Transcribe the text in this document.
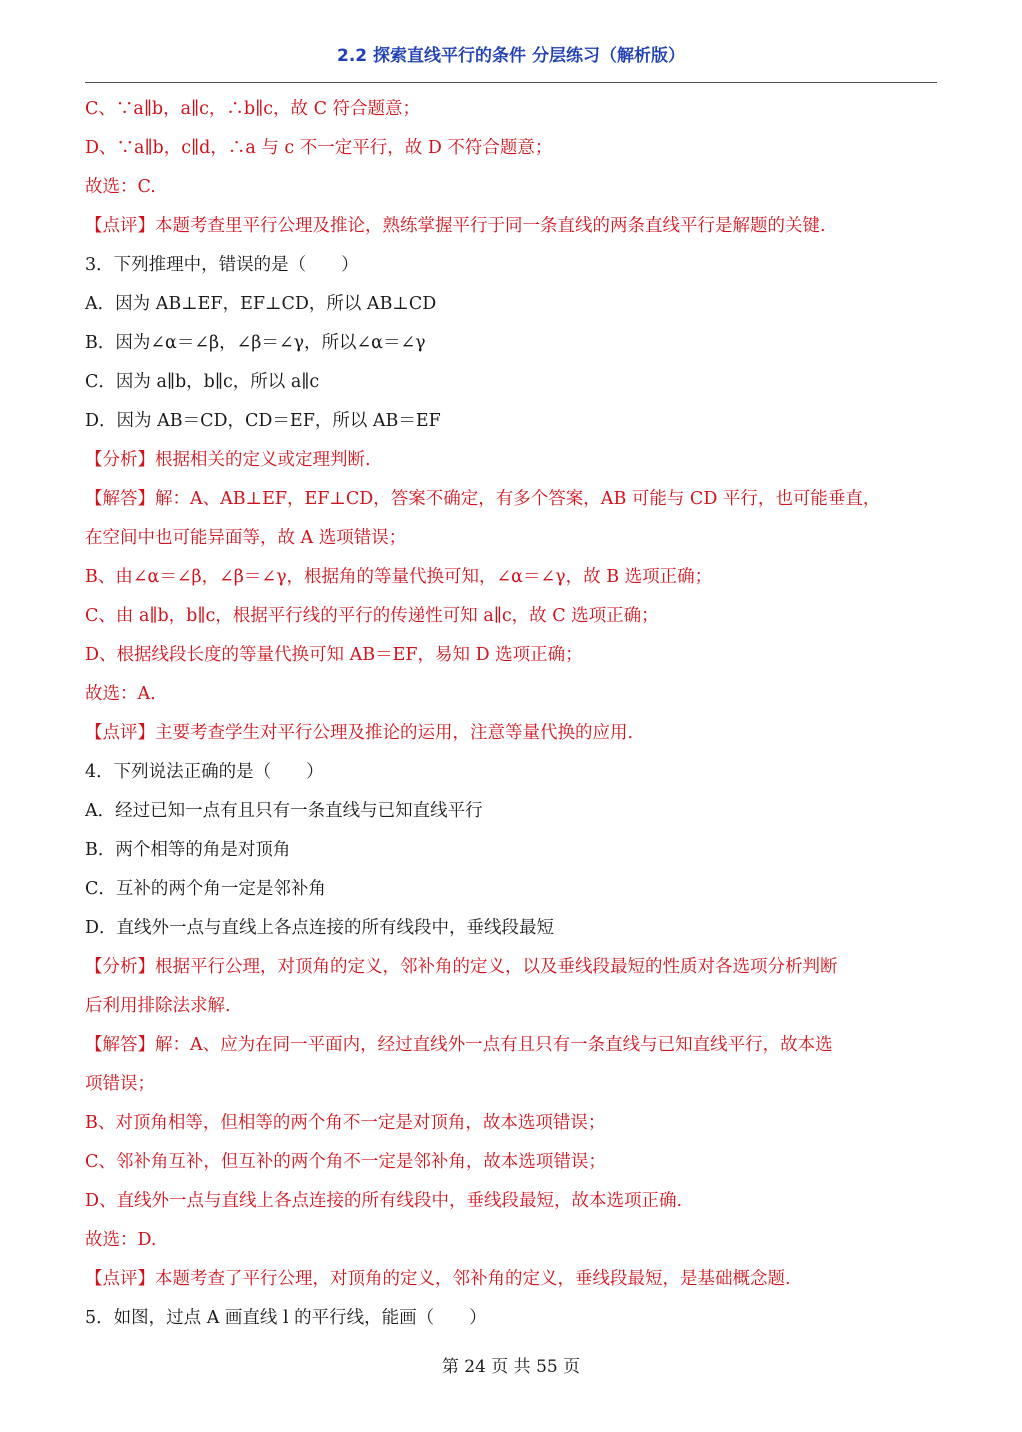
2.2 探索直线平行的条件 分层练习（解析版）
C、∵a∥b，a∥c，∴b∥c，故 C 符合题意；
D、∵a∥b，c∥d，∴a 与 c 不一定平行，故 D 不符合题意；
故选：C.
【点评】本题考查里平行公理及推论，熟练掌握平行于同一条直线的两条直线平行是解题的关键.
3．下列推理中，错误的是（　　）
A．因为 AB⊥EF，EF⊥CD，所以 AB⊥CD
B．因为∠α＝∠β，∠β＝∠γ，所以∠α＝∠γ
C．因为 a∥b，b∥c，所以 a∥c
D．因为 AB＝CD，CD＝EF，所以 AB＝EF
【分析】根据相关的定义或定理判断.
【解答】解：A、AB⊥EF，EF⊥CD，答案不确定，有多个答案，AB 可能与 CD 平行，也可能垂直，
在空间中也可能异面等，故 A 选项错误；
B、由∠α＝∠β，∠β＝∠γ，根据角的等量代换可知，∠α＝∠γ，故 B 选项正确；
C、由 a∥b，b∥c，根据平行线的平行的传递性可知 a∥c，故 C 选项正确；
D、根据线段长度的等量代换可知 AB＝EF，易知 D 选项正确；
故选：A.
【点评】主要考查学生对平行公理及推论的运用，注意等量代换的应用.
4．下列说法正确的是（　　）
A．经过已知一点有且只有一条直线与已知直线平行
B．两个相等的角是对顶角
C．互补的两个角一定是邻补角
D．直线外一点与直线上各点连接的所有线段中，垂线段最短
【分析】根据平行公理，对顶角的定义，邻补角的定义，以及垂线段最短的性质对各选项分析判断
后利用排除法求解.
【解答】解：A、应为在同一平面内，经过直线外一点有且只有一条直线与已知直线平行，故本选
项错误；
B、对顶角相等，但相等的两个角不一定是对顶角，故本选项错误；
C、邻补角互补，但互补的两个角不一定是邻补角，故本选项错误；
D、直线外一点与直线上各点连接的所有线段中，垂线段最短，故本选项正确.
故选：D.
【点评】本题考查了平行公理，对顶角的定义，邻补角的定义，垂线段最短，是基础概念题.
5．如图，过点 A 画直线 l 的平行线，能画（　　）
第 24 页 共 55 页
